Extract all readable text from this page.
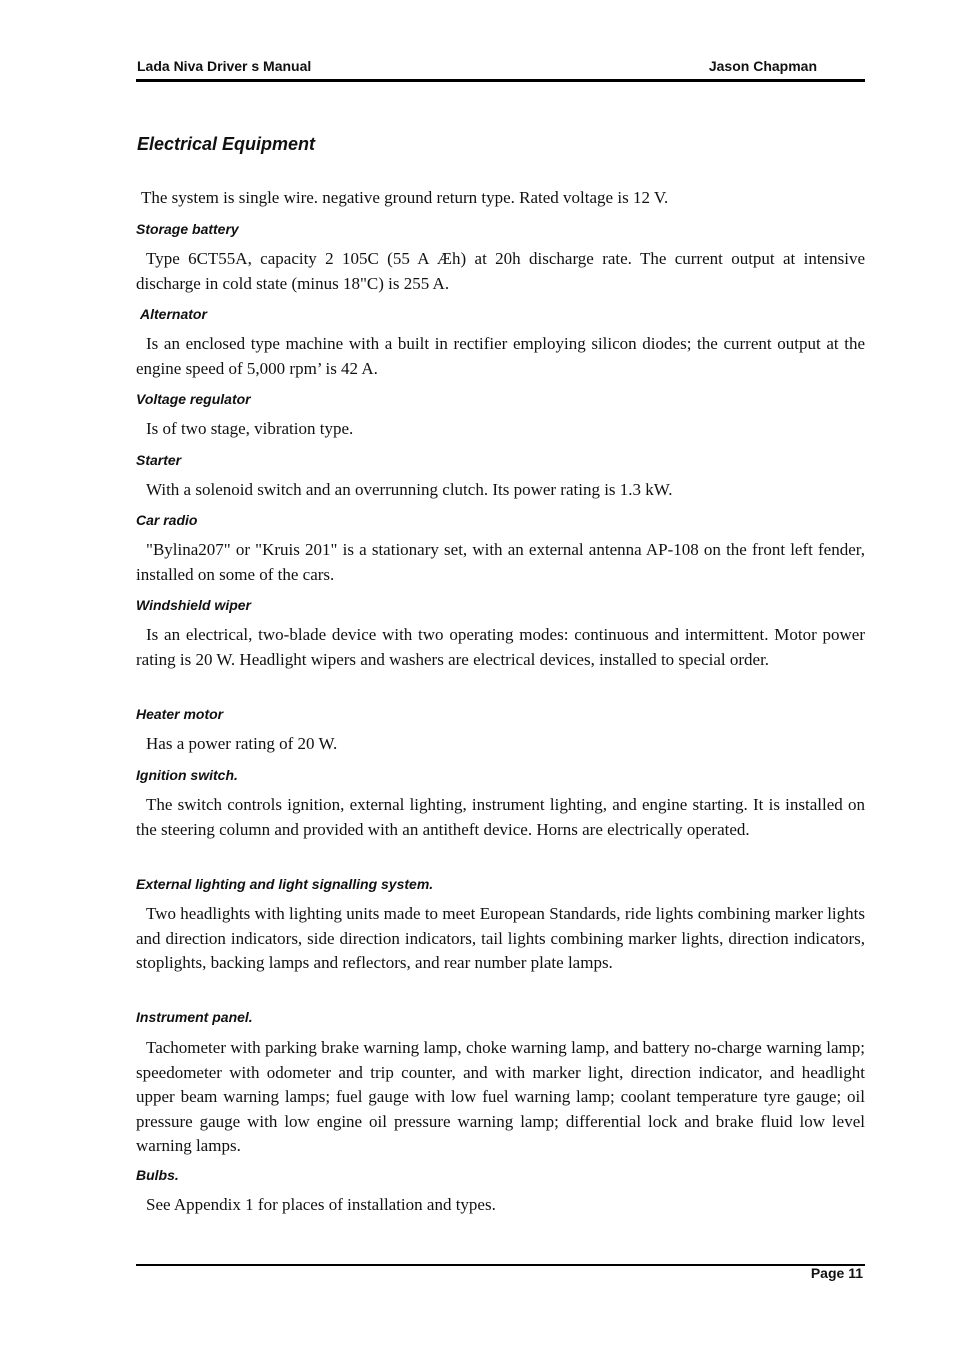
Lada Niva Driver s Manual	Jason Chapman
Electrical Equipment

The system is single wire. negative ground return type. Rated voltage is 12 V.

Storage battery

Type 6CT55A, capacity 2 105C (55 A Æh) at 20h discharge rate. The current output at intensive discharge in cold state (minus 18"C) is 255 A.

Alternator

Is an enclosed type machine with a built in rectifier employing silicon diodes; the current output at the engine speed of 5,000 rpm’ is 42 A.

Voltage regulator

Is of two stage, vibration type.

Starter

With a solenoid switch and an overrunning clutch. Its power rating is 1.3 kW.

Car radio

"Bylina207" or "Kruis 201" is a stationary set, with an external antenna AP-108 on the front left fender, installed on some of the cars.

Windshield wiper

Is an electrical, two-blade device with two operating modes: continuous and intermittent. Motor power rating is 20 W. Headlight wipers and washers are electrical devices, installed to special order.

Heater motor

Has a power rating of 20 W.

Ignition switch.

The switch controls ignition, external lighting, instrument lighting, and engine starting. It is installed on the steering column and provided with an antitheft device. Horns are electrically operated.

External lighting and light signalling system.

Two headlights with lighting units made to meet European Standards, ride lights combining marker lights and direction indicators, side direction indicators, tail lights combining marker lights, direction indicators, stoplights, backing lamps and reflectors, and rear number plate lamps.

Instrument panel.

Tachometer with parking brake warning lamp, choke warning lamp, and battery no-charge warning lamp; speedometer with odometer and trip counter, and with marker light, direction indicator, and headlight upper beam warning lamps; fuel gauge with low fuel warning lamp; coolant temperature tyre gauge; oil pressure gauge with low engine oil pressure warning lamp; differential lock and brake fluid low level warning lamps.

Bulbs.

See Appendix 1 for places of installation and types.

Page 11
